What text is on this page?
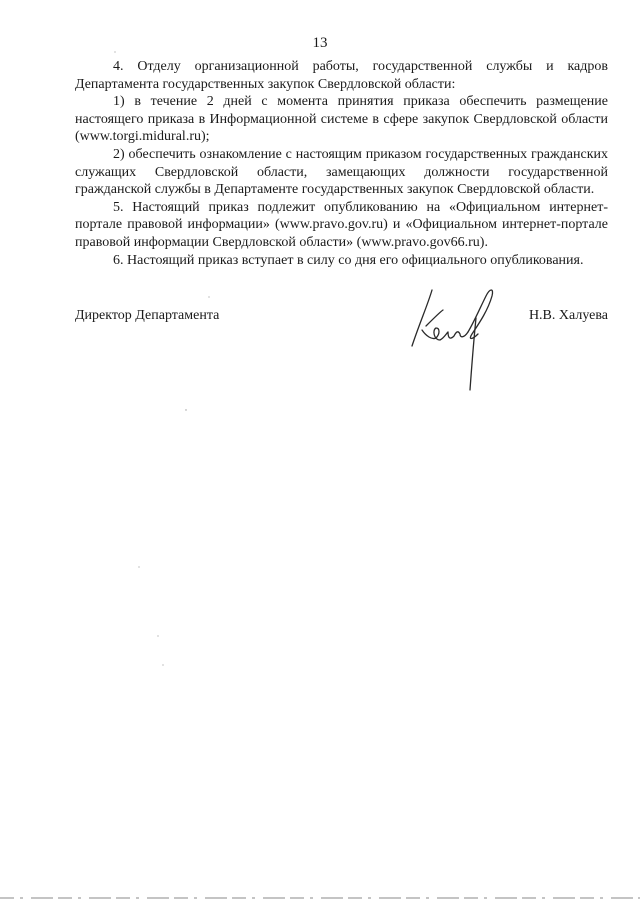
13

4. Отделу организационной работы, государственной службы и кадров Департамента государственных закупок Свердловской области:

1) в течение 2 дней с момента принятия приказа обеспечить размещение настоящего приказа в Информационной системе в сфере закупок Свердловской области (www.torgi.midural.ru);

2) обеспечить ознакомление с настоящим приказом государственных гражданских служащих Свердловской области, замещающих должности государственной гражданской службы в Департаменте государственных закупок Свердловской области.

5. Настоящий приказ подлежит опубликованию на «Официальном интернет-портале правовой информации» (www.pravo.gov.ru) и «Официальном интернет-портале правовой информации Свердловской области» (www.pravo.gov66.ru).

6. Настоящий приказ вступает в силу со дня его официального опубликования.

Директор Департамента	Н.В. Халуева
